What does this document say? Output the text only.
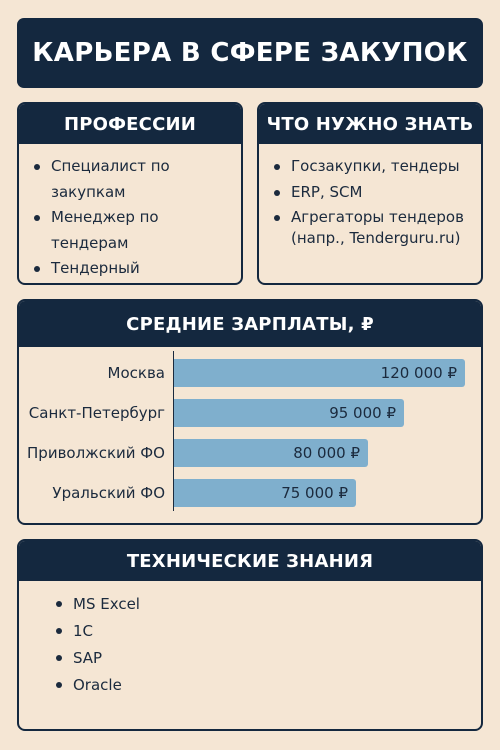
КАРЬЕРА В СФЕРЕ ЗАКУПОК
ПРОФЕССИИ
Специалист по закупкам
Менеджер по тендерам
Тендерный
ЧТО НУЖНО ЗНАТЬ
Госзакупки, тендеры
ERP, SCM
Агрегаторы тендеров (напр., Tenderguru.ru)
СРЕДНИЕ ЗАРПЛАТЫ, ₽
Москва	120 000 ₽
Санкт-Петербург	95 000 ₽
Приволжский ФО	80 000 ₽
Уральский ФО	75 000 ₽
ТЕХНИЧЕСКИЕ ЗНАНИЯ
MS Excel
1С
SAP
Oracle
